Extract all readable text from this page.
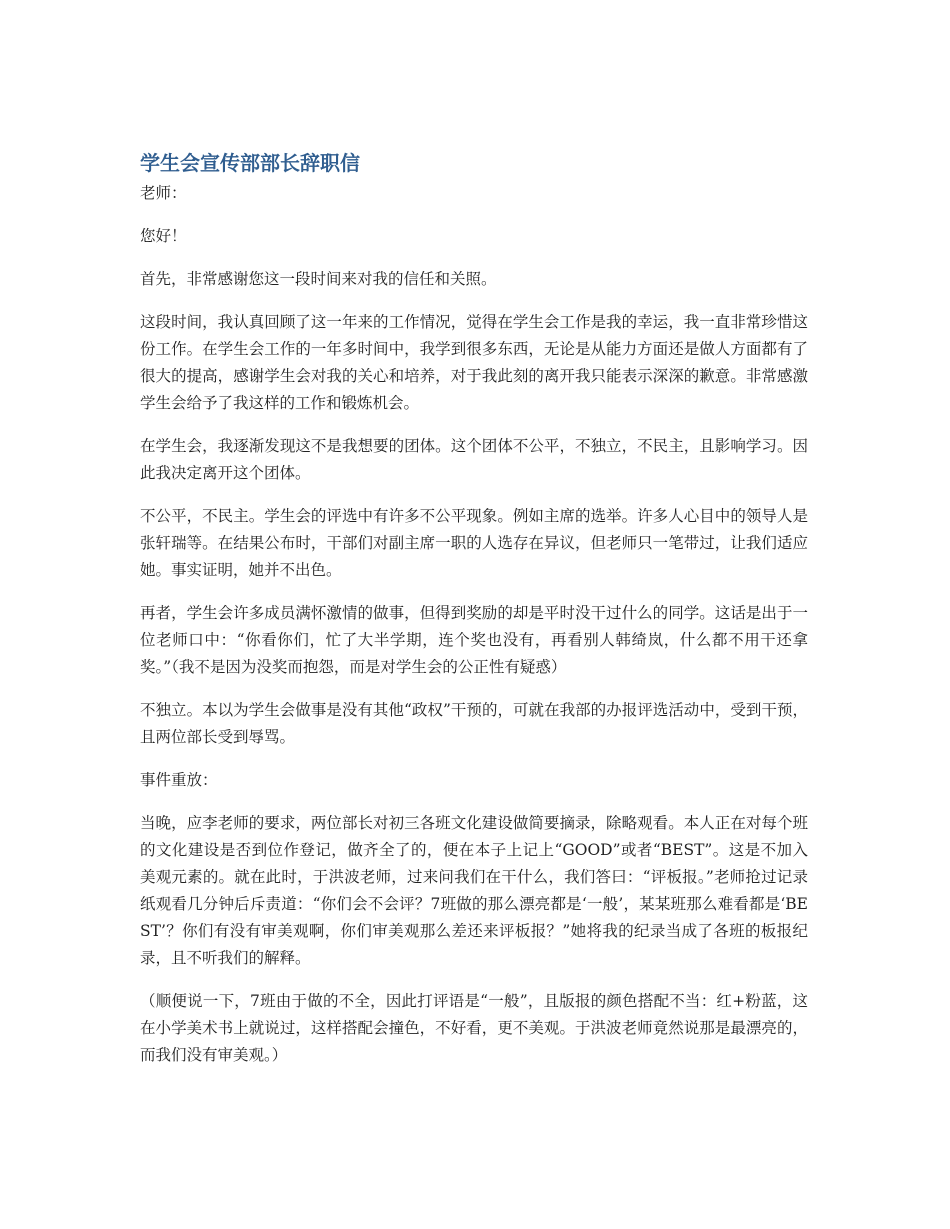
学生会宣传部部长辞职信

老师：

您好！

首先，非常感谢您这一段时间来对我的信任和关照。

这段时间，我认真回顾了这一年来的工作情况，觉得在学生会工作是我的幸运，我一直非常珍惜这份工作。在学生会工作的一年多时间中，我学到很多东西，无论是从能力方面还是做人方面都有了很大的提高，感谢学生会对我的关心和培养，对于我此刻的离开我只能表示深深的歉意。非常感激学生会给予了我这样的工作和锻炼机会。

在学生会，我逐渐发现这不是我想要的团体。这个团体不公平，不独立，不民主，且影响学习。因此我决定离开这个团体。

不公平，不民主。学生会的评选中有许多不公平现象。例如主席的选举。许多人心目中的领导人是张轩瑞等。在结果公布时，干部们对副主席一职的人选存在异议，但老师只一笔带过，让我们适应她。事实证明，她并不出色。

再者，学生会许多成员满怀激情的做事，但得到奖励的却是平时没干过什么的同学。这话是出于一位老师口中：“你看你们，忙了大半学期，连个奖也没有，再看别人韩绮岚，什么都不用干还拿奖。”（我不是因为没奖而抱怨，而是对学生会的公正性有疑惑）

不独立。本以为学生会做事是没有其他“政权”干预的，可就在我部的办报评选活动中，受到干预，且两位部长受到辱骂。

事件重放：

当晚，应李老师的要求，两位部长对初三各班文化建设做简要摘录，除略观看。本人正在对每个班的文化建设是否到位作登记，做齐全了的，便在本子上记上“GOOD”或者“BEST”。这是不加入美观元素的。就在此时，于洪波老师，过来问我们在干什么，我们答曰：“评板报。”老师抢过记录纸观看几分钟后斥责道：“你们会不会评？7班做的那么漂亮都是‘一般’，某某班那么难看都是‘BEST’？你们有没有审美观啊，你们审美观那么差还来评板报？”她将我的纪录当成了各班的板报纪录，且不听我们的解释。

（顺便说一下，7班由于做的不全，因此打评语是“一般”，且版报的颜色搭配不当：红+粉蓝，这在小学美术书上就说过，这样搭配会撞色，不好看，更不美观。于洪波老师竟然说那是最漂亮的，而我们没有审美观。）
